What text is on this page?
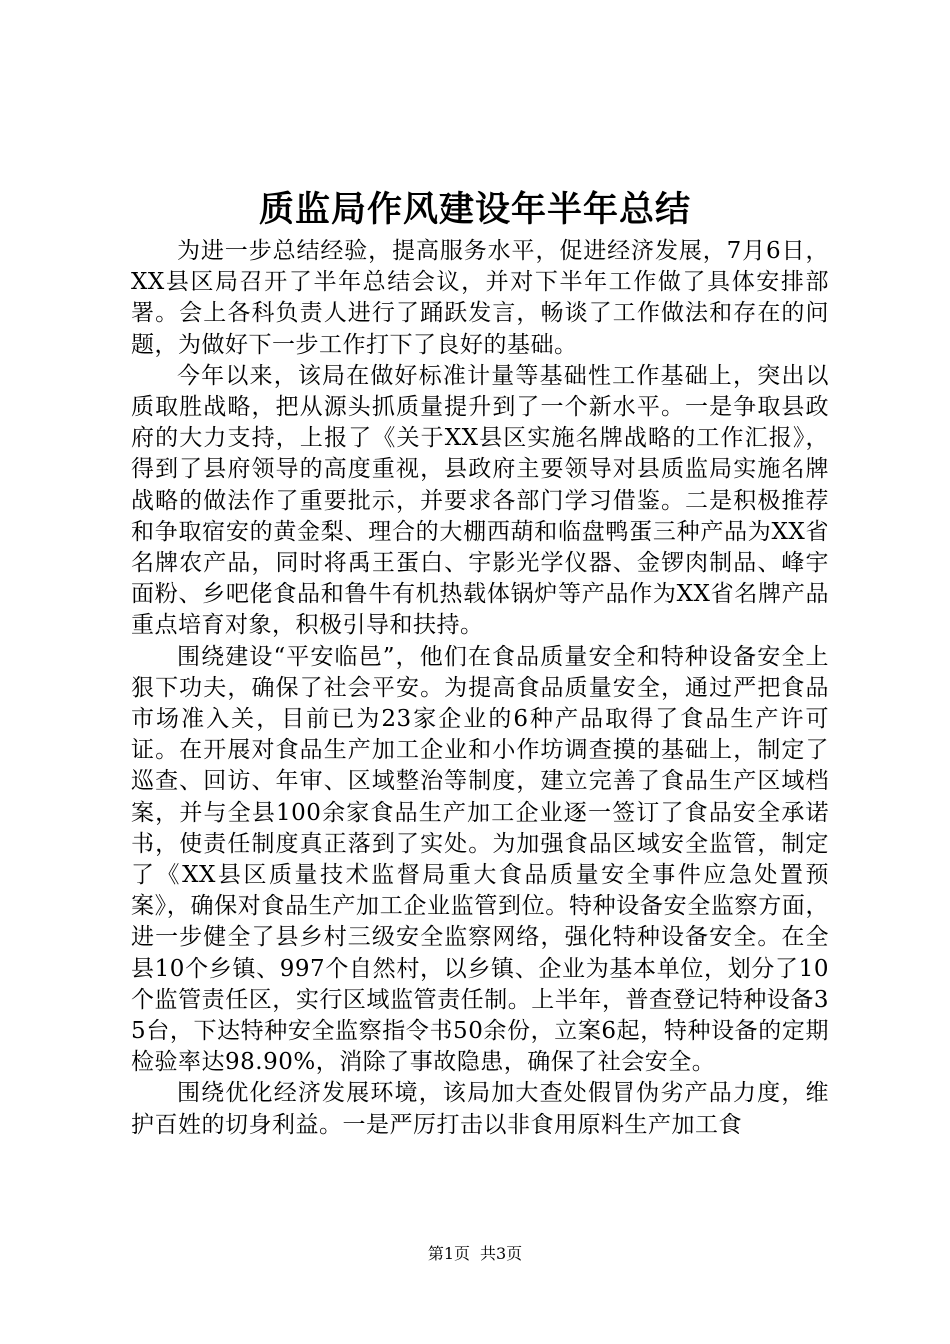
质监局作风建设年半年总结

为进一步总结经验，提高服务水平，促进经济发展，7月6日，XX县区局召开了半年总结会议，并对下半年工作做了具体安排部署。会上各科负责人进行了踊跃发言，畅谈了工作做法和存在的问题，为做好下一步工作打下了良好的基础。

今年以来，该局在做好标准计量等基础性工作基础上，突出以质取胜战略，把从源头抓质量提升到了一个新水平。一是争取县政府的大力支持，上报了《关于XX县区实施名牌战略的工作汇报》，得到了县府领导的高度重视，县政府主要领导对县质监局实施名牌战略的做法作了重要批示，并要求各部门学习借鉴。二是积极推荐和争取宿安的黄金梨、理合的大棚西葫和临盘鸭蛋三种产品为XX省名牌农产品，同时将禹王蛋白、宇影光学仪器、金锣肉制品、峰宇面粉、乡吧佬食品和鲁牛有机热载体锅炉等产品作为XX省名牌产品重点培育对象，积极引导和扶持。

围绕建设“平安临邑”，他们在食品质量安全和特种设备安全上狠下功夫，确保了社会平安。为提高食品质量安全，通过严把食品市场准入关，目前已为23家企业的6种产品取得了食品生产许可证。在开展对食品生产加工企业和小作坊调查摸的基础上，制定了巡查、回访、年审、区域整治等制度，建立完善了食品生产区域档案，并与全县100余家食品生产加工企业逐一签订了食品安全承诺书，使责任制度真正落到了实处。为加强食品区域安全监管，制定了《XX县区质量技术监督局重大食品质量安全事件应急处置预案》，确保对食品生产加工企业监管到位。特种设备安全监察方面，进一步健全了县乡村三级安全监察网络，强化特种设备安全。在全县10个乡镇、997个自然村，以乡镇、企业为基本单位，划分了10个监管责任区，实行区域监管责任制。上半年，普查登记特种设备35台，下达特种安全监察指令书50余份，立案6起，特种设备的定期检验率达98.90%，消除了事故隐患，确保了社会安全。

围绕优化经济发展环境，该局加大查处假冒伪劣产品力度，维护百姓的切身利益。一是严厉打击以非食用原料生产加工食

第1页 共3页
